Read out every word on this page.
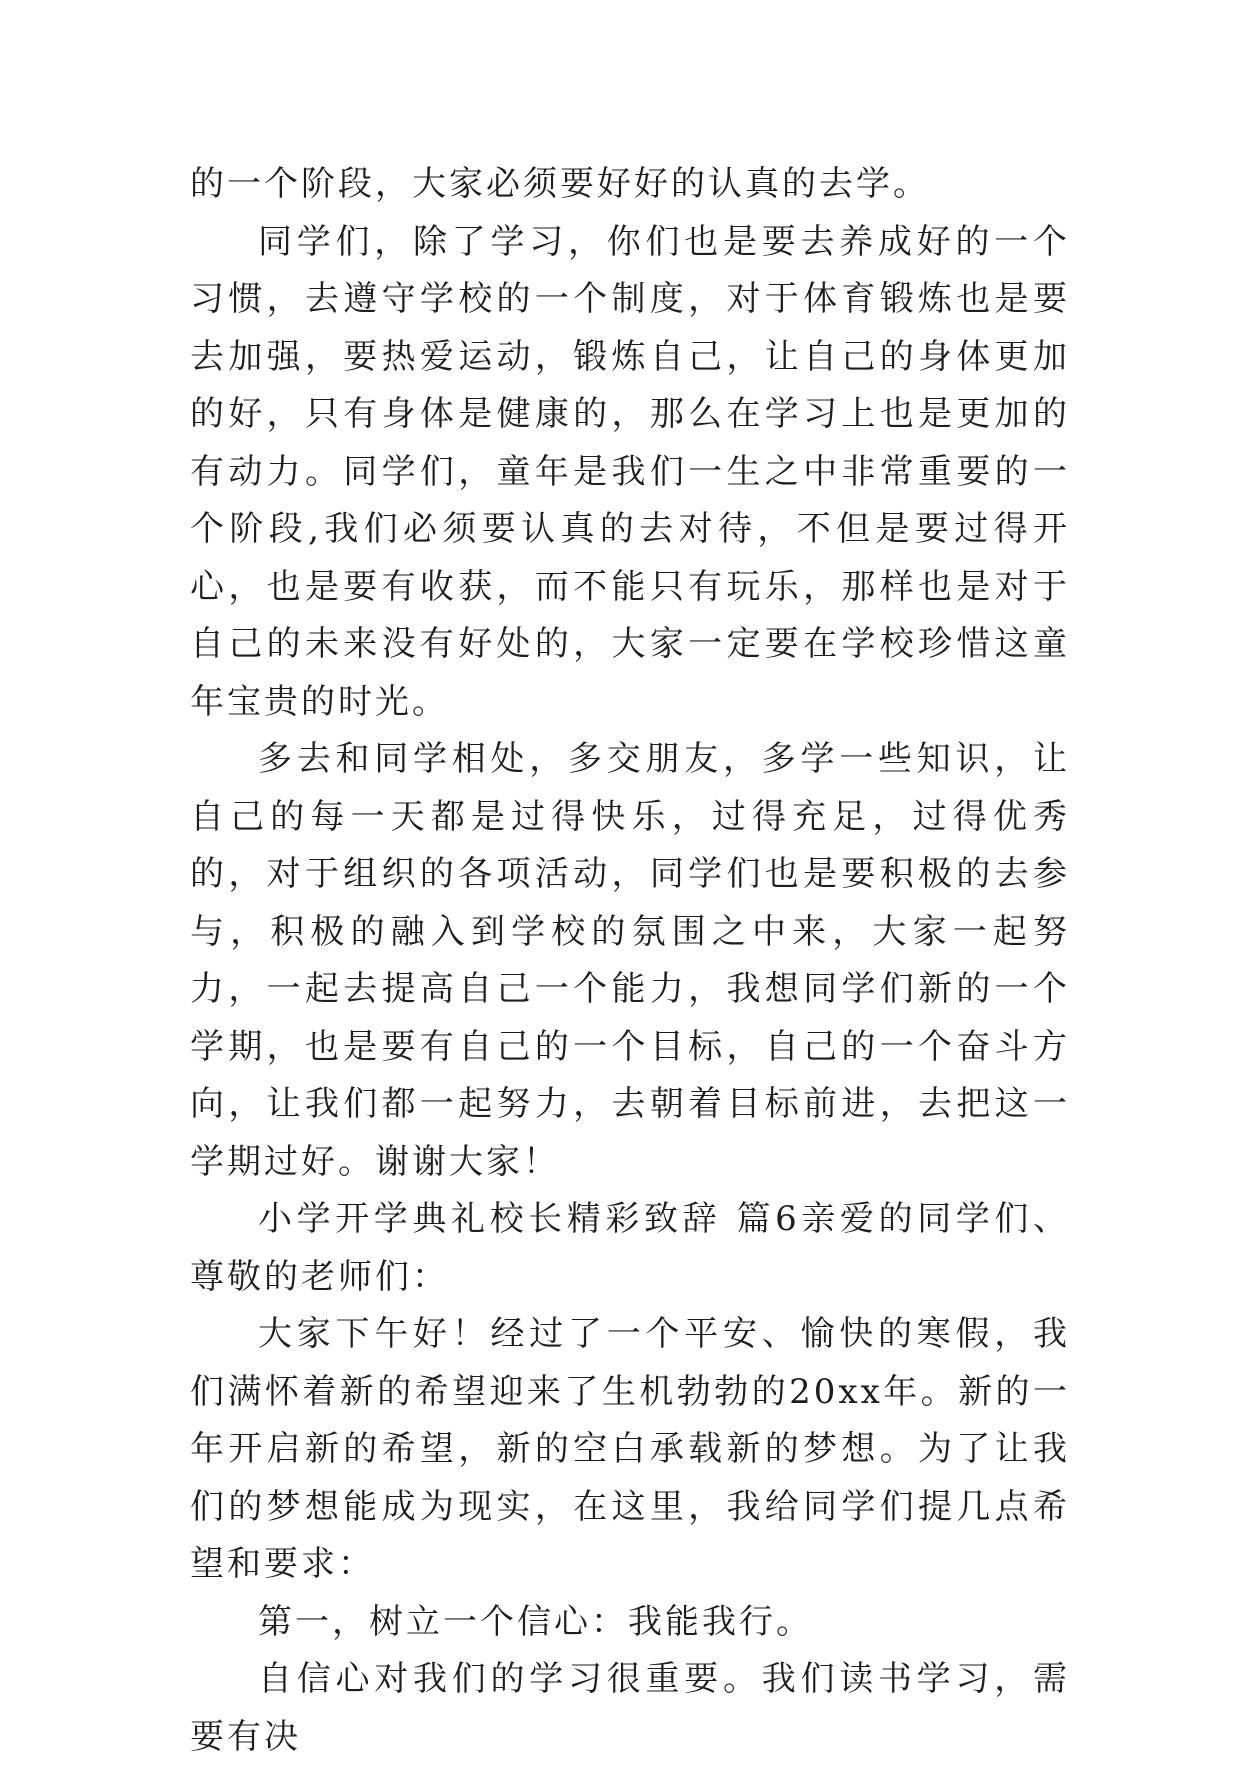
的一个阶段，大家必须要好好的认真的去学。

同学们，除了学习，你们也是要去养成好的一个习惯，去遵守学校的一个制度，对于体育锻炼也是要去加强，要热爱运动，锻炼自己，让自己的身体更加的好，只有身体是健康的，那么在学习上也是更加的有动力。同学们，童年是我们一生之中非常重要的一个阶段,我们必须要认真的去对待，不但是要过得开心，也是要有收获，而不能只有玩乐，那样也是对于自己的未来没有好处的，大家一定要在学校珍惜这童年宝贵的时光。

多去和同学相处，多交朋友，多学一些知识，让自己的每一天都是过得快乐，过得充足，过得优秀的，对于组织的各项活动，同学们也是要积极的去参与，积极的融入到学校的氛围之中来，大家一起努力，一起去提高自己一个能力，我想同学们新的一个学期，也是要有自己的一个目标，自己的一个奋斗方向，让我们都一起努力，去朝着目标前进，去把这一学期过好。谢谢大家！

小学开学典礼校长精彩致辞 篇6亲爱的同学们、尊敬的老师们：

大家下午好！经过了一个平安、愉快的寒假，我们满怀着新的希望迎来了生机勃勃的20xx年。新的一年开启新的希望，新的空白承载新的梦想。为了让我们的梦想能成为现实，在这里，我给同学们提几点希望和要求：

第一，树立一个信心：我能我行。

自信心对我们的学习很重要。我们读书学习，需要有决
